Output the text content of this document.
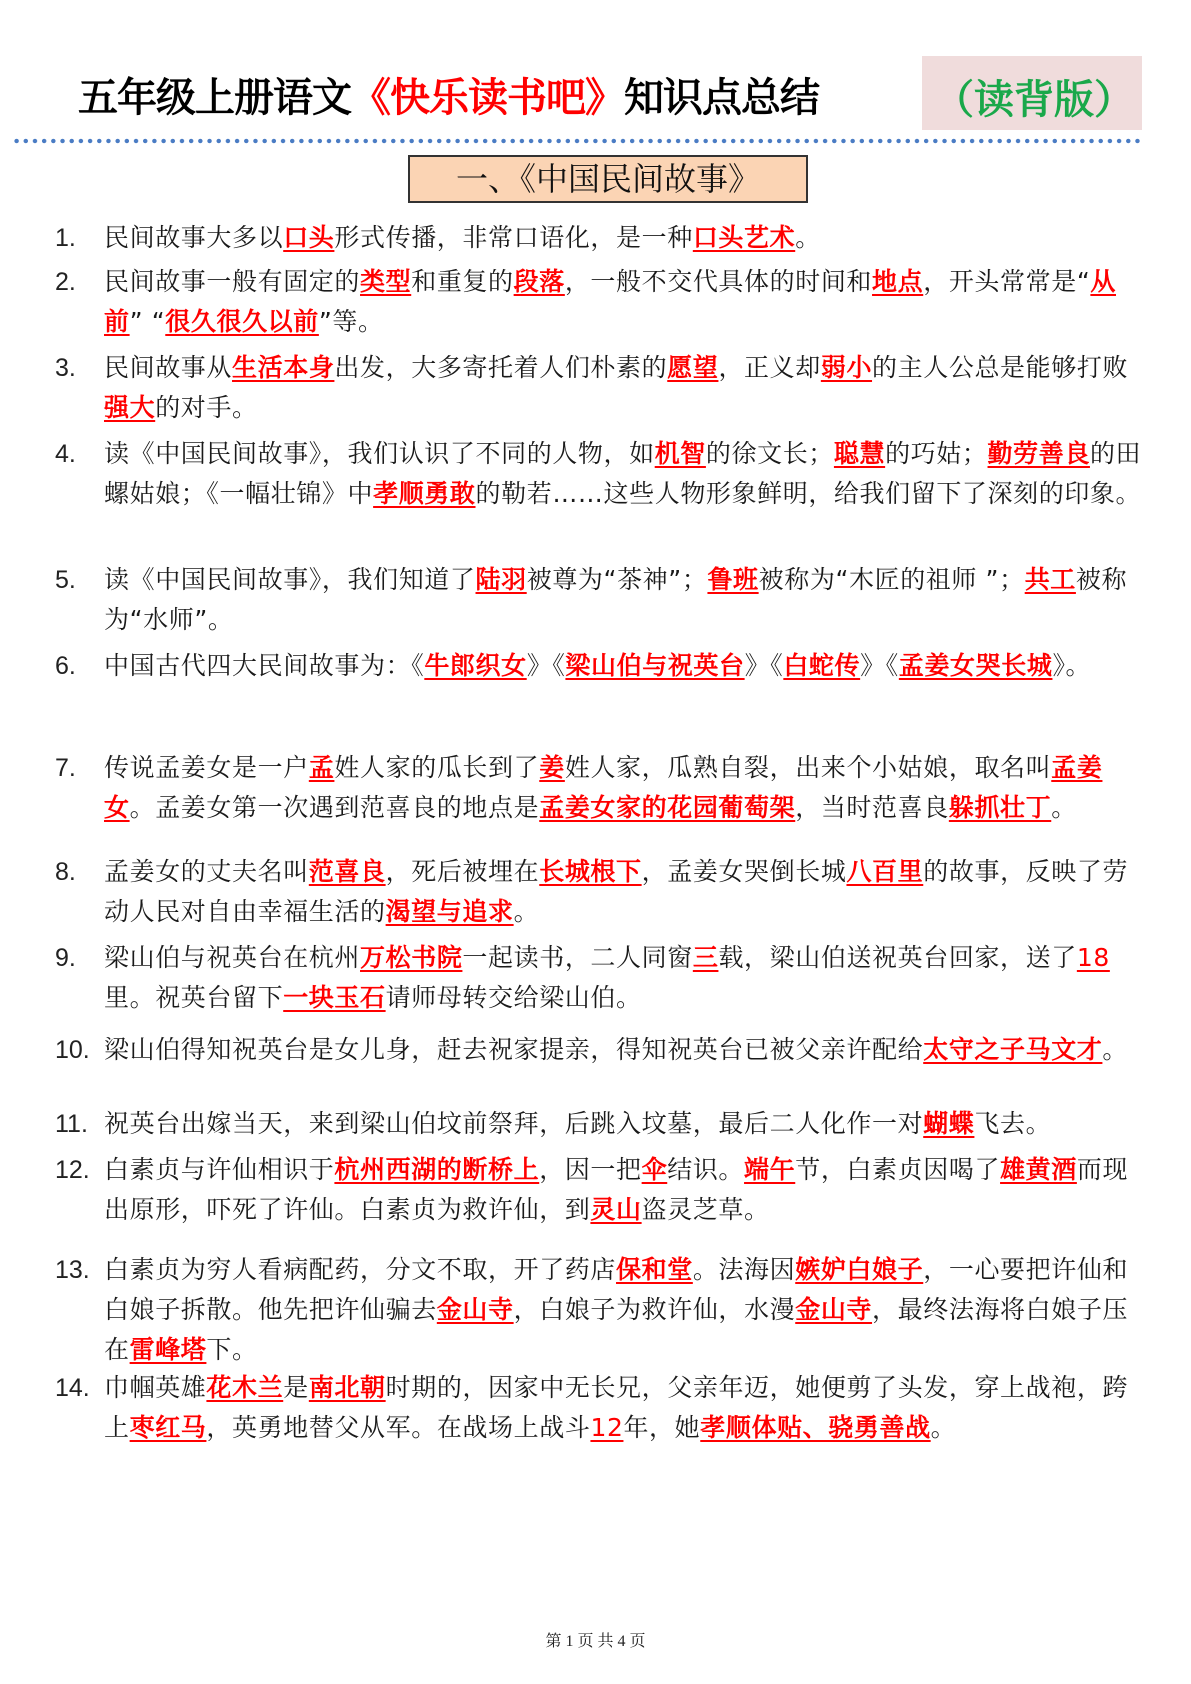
五年级上册语文《快乐读书吧》知识点总结	（读背版）
一、《中国民间故事》
1. 民间故事大多以口头形式传播，非常口语化，是一种口头艺术。
2. 民间故事一般有固定的类型和重复的段落，一般不交代具体的时间和地点，开头常常是“从前” “很久很久以前”等。
3. 民间故事从生活本身出发，大多寄托着人们朴素的愿望，正义却弱小的主人公总是能够打败强大的对手。
4. 读《中国民间故事》，我们认识了不同的人物，如机智的徐文长；聪慧的巧姑；勤劳善良的田螺姑娘；《一幅壮锦》中孝顺勇敢的勒若……这些人物形象鲜明，给我们留下了深刻的印象。
5. 读《中国民间故事》，我们知道了陆羽被尊为“茶神”；鲁班被称为“木匠的祖师 ”；共工被称为“水师”。
6. 中国古代四大民间故事为：《牛郎织女》《梁山伯与祝英台》《白蛇传》《孟姜女哭长城》。
7. 传说孟姜女是一户孟姓人家的瓜长到了姜姓人家，瓜熟自裂，出来个小姑娘，取名叫孟姜女。孟姜女第一次遇到范喜良的地点是孟姜女家的花园葡萄架，当时范喜良躲抓壮丁。
8. 孟姜女的丈夫名叫范喜良，死后被埋在长城根下，孟姜女哭倒长城八百里的故事，反映了劳动人民对自由幸福生活的渴望与追求。
9. 梁山伯与祝英台在杭州万松书院一起读书，二人同窗三载，梁山伯送祝英台回家，送了18里。祝英台留下一块玉石请师母转交给梁山伯。
10. 梁山伯得知祝英台是女儿身，赶去祝家提亲，得知祝英台已被父亲许配给太守之子马文才。
11. 祝英台出嫁当天，来到梁山伯坟前祭拜，后跳入坟墓，最后二人化作一对蝴蝶飞去。
12. 白素贞与许仙相识于杭州西湖的断桥上，因一把伞结识。端午节，白素贞因喝了雄黄酒而现出原形，吓死了许仙。白素贞为救许仙，到灵山盗灵芝草。
13. 白素贞为穷人看病配药，分文不取，开了药店保和堂。法海因嫉妒白娘子，一心要把许仙和白娘子拆散。他先把许仙骗去金山寺，白娘子为救许仙，水漫金山寺，最终法海将白娘子压在雷峰塔下。
14. 巾帼英雄花木兰是南北朝时期的，因家中无长兄，父亲年迈，她便剪了头发，穿上战袍，跨上枣红马，英勇地替父从军。在战场上战斗12年，她孝顺体贴、骁勇善战。
第 1 页 共 4 页
